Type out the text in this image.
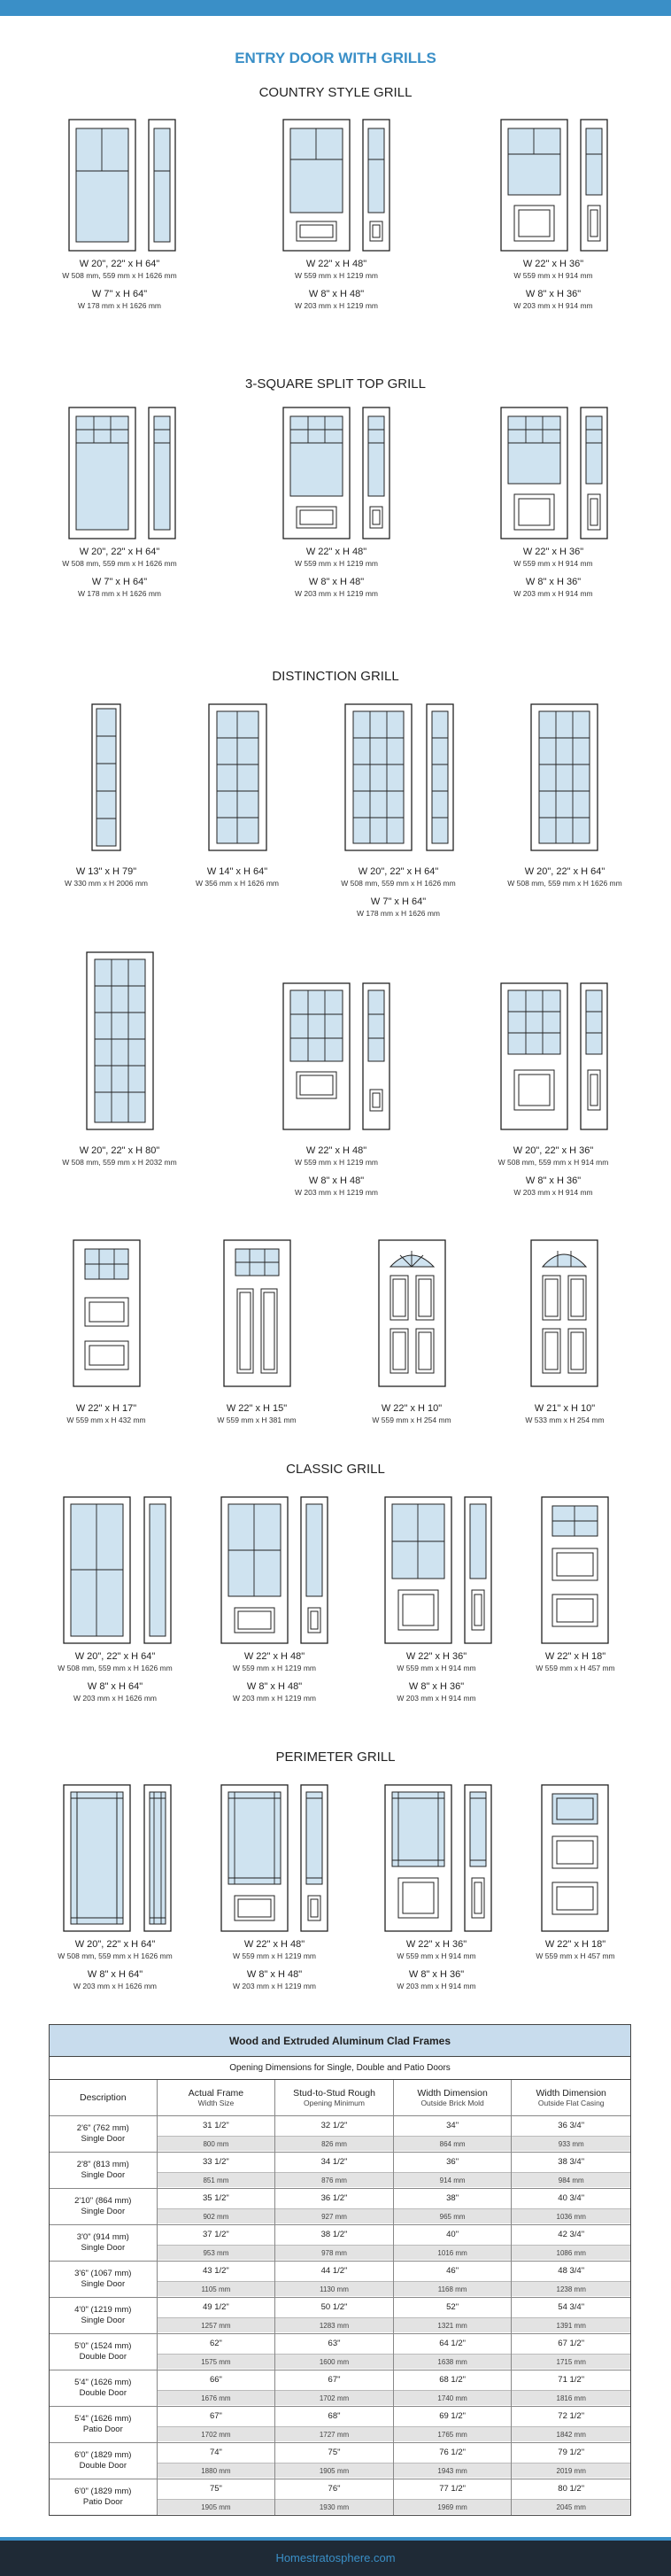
ENTRY DOOR WITH GRILLS
COUNTRY STYLE GRILL
W 20", 22" x H 64"
W 508 mm, 559 mm x H 1626 mm
W 7" x H 64"
W 178 mm x H 1626 mm
W 22" x H 48"
W 559 mm x H 1219 mm
W 8" x H 48"
W 203 mm x H 1219 mm
W 22" x H 36"
W 559 mm x H 914 mm
W 8" x H 36"
W 203 mm x H 914 mm
3-SQUARE SPLIT TOP GRILL
W 20", 22" x H 64"
W 508 mm, 559 mm x H 1626 mm
W 7" x H 64"
W 178 mm x H 1626 mm
W 22" x H 48"
W 559 mm x H 1219 mm
W 8" x H 48"
W 203 mm x H 1219 mm
W 22" x H 36"
W 559 mm x H 914 mm
W 8" x H 36"
W 203 mm x H 914 mm
DISTINCTION GRILL
W 13" x H 79"
W 330 mm x H 2006 mm
W 14" x H 64"
W 356 mm x H 1626 mm
W 20", 22" x H 64"
W 508 mm, 559 mm x H 1626 mm
W 7" x H 64"
W 178 mm x H 1626 mm
W 20", 22" x H 64"
W 508 mm, 559 mm x H 1626 mm
W 20", 22" x H 80"
W 508 mm, 559 mm x H 2032 mm
W 22" x H 48"
W 559 mm x H 1219 mm
W 8" x H 48"
W 203 mm x H 1219 mm
W 20", 22" x H 36"
W 508 mm, 559 mm x H 914 mm
W 8" x H 36"
W 203 mm x H 914 mm
W 22" x H 17"
W 559 mm x H 432 mm
W 22" x H 15"
W 559 mm x H 381 mm
W 22" x H 10"
W 559 mm x H 254 mm
W 21" x H 10"
W 533 mm x H 254 mm
CLASSIC GRILL
W 20", 22" x H 64"
W 508 mm, 559 mm x H 1626 mm
W 8" x H 64"
W 203 mm x H 1626 mm
W 22" x H 48"
W 559 mm x H 1219 mm
W 8" x H 48"
W 203 mm x H 1219 mm
W 22" x H 36"
W 559 mm x H 914 mm
W 8" x H 36"
W 203 mm x H 914 mm
W 22" x H 18"
W 559 mm x H 457 mm
PERIMETER GRILL
W 20", 22" x H 64"
W 508 mm, 559 mm x H 1626 mm
W 8" x H 64"
W 203 mm x H 1626 mm
W 22" x H 48"
W 559 mm x H 1219 mm
W 8" x H 48"
W 203 mm x H 1219 mm
W 22" x H 36"
W 559 mm x H 914 mm
W 8" x H 36"
W 203 mm x H 914 mm
W 22" x H 18"
W 559 mm x H 457 mm
Wood and Extruded Aluminum Clad Frames
Opening Dimensions for Single, Double and Patio Doors
Description	Actual Frame
Width Size
Stud-to-Stud Rough
Opening Minimum
Width Dimension
Outside Brick Mold
Width Dimension
Outside Flat Casing
2'6" (762 mm)
Single Door
31 1/2"
800 mm
32 1/2"
826 mm
34"
864 mm
36 3/4"
933 mm
2'8" (813 mm)
Single Door
33 1/2"
851 mm
34 1/2"
876 mm
36"
914 mm
38 3/4"
984 mm
2'10" (864 mm)
Single Door
35 1/2"
902 mm
36 1/2"
927 mm
38"
965 mm
40 3/4"
1036 mm
3'0" (914 mm)
Single Door
37 1/2"
953 mm
38 1/2"
978 mm
40"
1016 mm
42 3/4"
1086 mm
3'6" (1067 mm)
Single Door
43 1/2"
1105 mm
44 1/2"
1130 mm
46"
1168 mm
48 3/4"
1238 mm
4'0" (1219 mm)
Single Door
49 1/2"
1257 mm
50 1/2"
1283 mm
52"
1321 mm
54 3/4"
1391 mm
5'0" (1524 mm)
Double Door
62"
1575 mm
63"
1600 mm
64 1/2"
1638 mm
67 1/2"
1715 mm
5'4" (1626 mm)
Double Door
66"
1676 mm
67"
1702 mm
68 1/2"
1740 mm
71 1/2"
1816 mm
5'4" (1626 mm)
Patio Door
67"
1702 mm
68"
1727 mm
69 1/2"
1765 mm
72 1/2"
1842 mm
6'0" (1829 mm)
Double Door
74"
1880 mm
75"
1905 mm
76 1/2"
1943 mm
79 1/2"
2019 mm
6'0" (1829 mm)
Patio Door
75"
1905 mm
76"
1930 mm
77 1/2"
1969 mm
80 1/2"
2045 mm
Homestratosphere.com
